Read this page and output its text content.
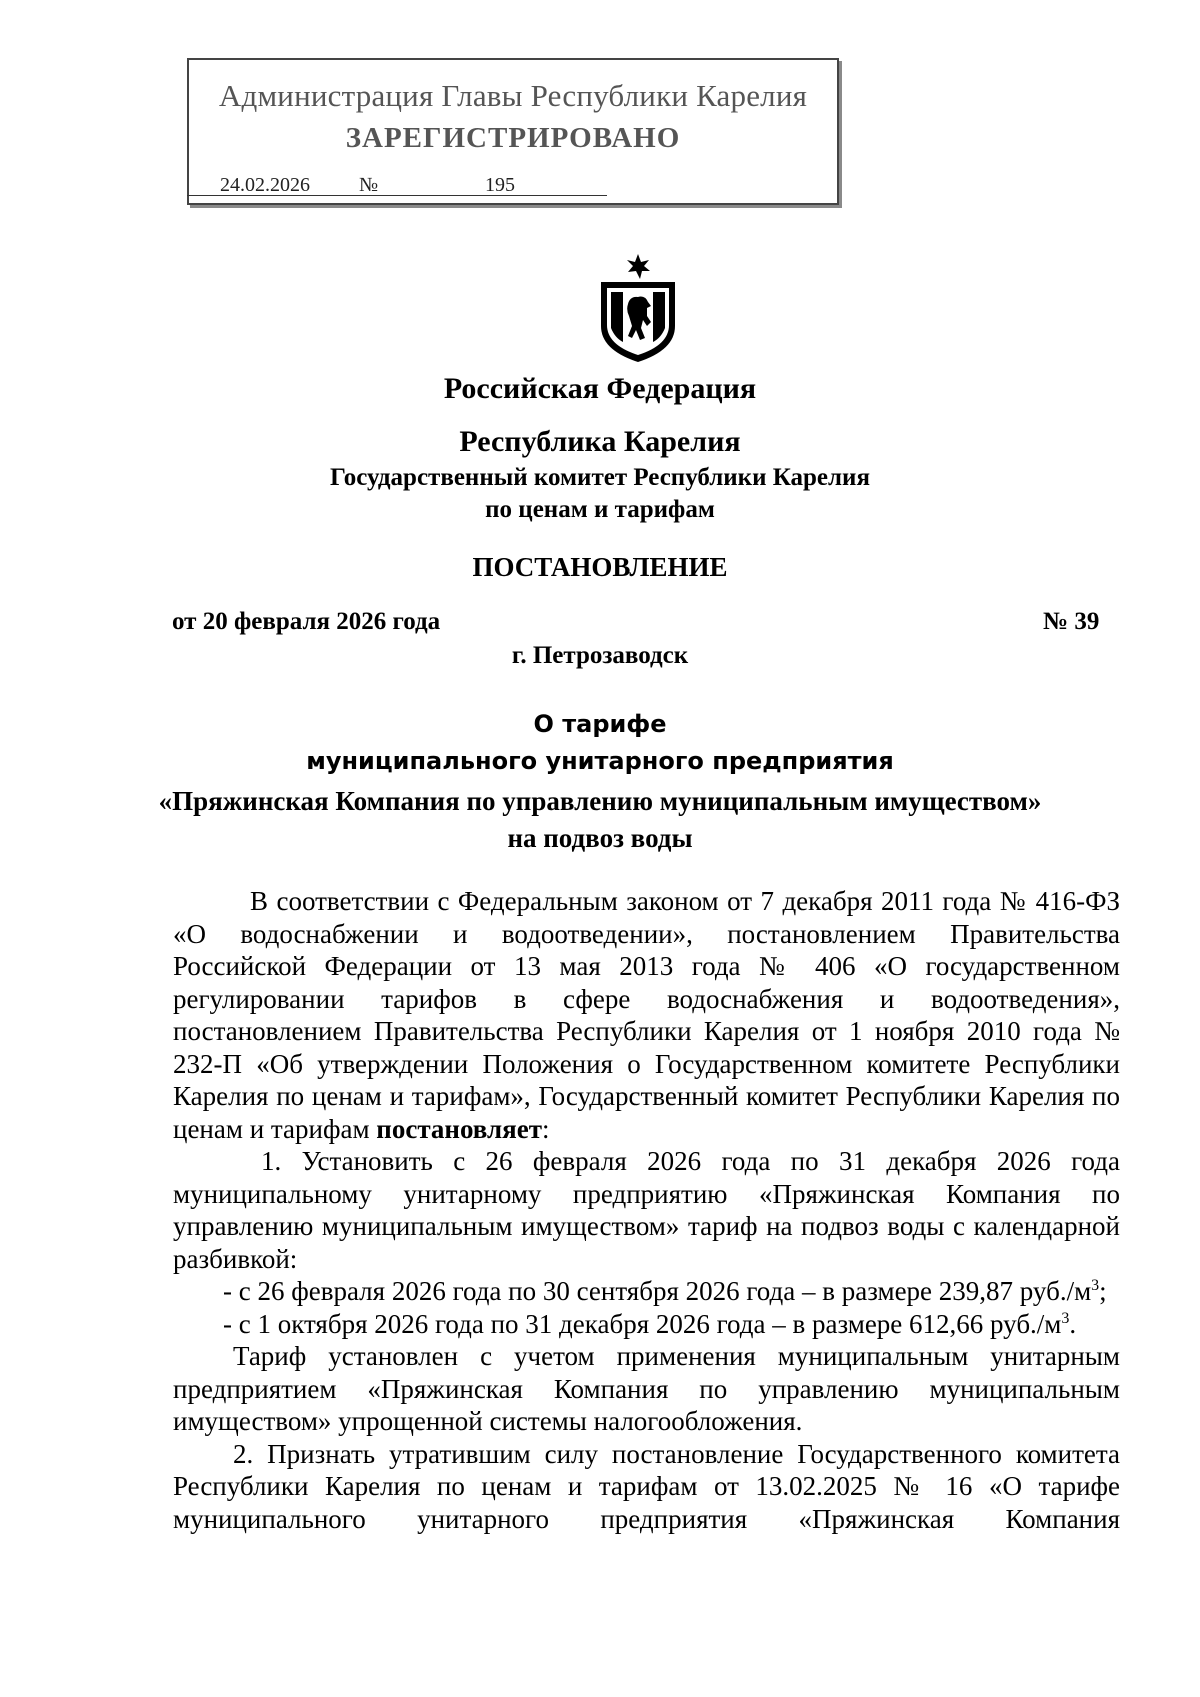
Администрация Главы Республики Карелия
ЗАРЕГИСТРИРОВАНО
24.02.2026 №	195
Российская Федерация
Республика Карелия
Государственный комитет Республики Карелия
по ценам и тарифам
ПОСТАНОВЛЕНИЕ
от 20 февраля 2026 года	№ 39
г. Петрозаводск
О тарифе
муниципального унитарного предприятия
«Пряжинская Компания по управлению муниципальным имуществом»
на подвоз воды

В соответствии с Федеральным законом от 7 декабря 2011 года № 416-ФЗ «О водоснабжении и водоотведении», постановлением Правительства Российской Федерации от 13 мая 2013 года № 406 «О государственном регулировании тарифов в сфере водоснабжения и водоотведения», постановлением Правительства Республики Карелия от 1 ноября 2010 года № 232-П «Об утверждении Положения о Государственном комитете Республики Карелия по ценам и тарифам», Государственный комитет Республики Карелия по ценам и тарифам постановляет:

1. Установить с 26 февраля 2026 года по 31 декабря 2026 года муниципальному унитарному предприятию «Пряжинская Компания по управлению муниципальным имуществом» тариф на подвоз воды с календарной разбивкой:

- с 26 февраля 2026 года по 30 сентября 2026 года – в размере 239,87 $руб./м^3$;

- с 1 октября 2026 года по 31 декабря 2026 года – в размере 612,66 $руб./м^3$.

Тариф установлен с учетом применения муниципальным унитарным предприятием «Пряжинская Компания по управлению муниципальным имуществом» упрощенной системы налогообложения.

2. Признать утратившим силу постановление Государственного комитета Республики Карелия по ценам и тарифам от 13.02.2025 № 16 «О тарифе муниципального унитарного предприятия «Пряжинская Компания
